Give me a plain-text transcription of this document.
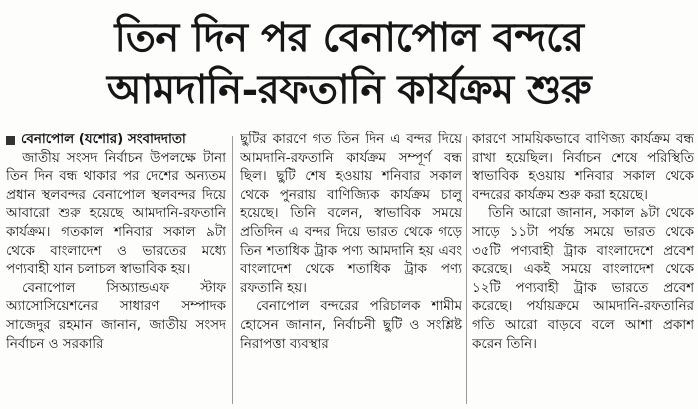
তিন দিন পর বেনাপোল বন্দরে
আমদানি-রফতানি কার্যক্রম শুরু

বেনাপোল (যশোর) সংবাদদাতা

জাতীয় সংসদ নির্বাচন উপলক্ষে টানা তিন দিন বন্ধ থাকার পর দেশের অন্যতম প্রধান স্থলবন্দর বেনাপোল স্থলবন্দর দিয়ে আবারো শুরু হয়েছে আমদানি-রফতানি কার্যক্রম। গতকাল শনিবার সকাল ৯টা থেকে বাংলাদেশ ও ভারতের মধ্যে পণ্যবাহী যান চলাচল স্বাভাবিক হয়।

বেনাপোল সিঅ্যান্ডএফ স্টাফ অ্যাসোসিয়েশনের সাধারণ সম্পাদক সাজেদুর রহমান জানান, জাতীয় সংসদ নির্বাচন ও সরকারি

ছুটির কারণে গত তিন দিন এ বন্দর দিয়ে আমদানি-রফতানি কার্যক্রম সম্পূর্ণ বন্ধ ছিল। ছুটি শেষ হওয়ায় শনিবার সকাল থেকে পুনরায় বাণিজ্যিক কার্যক্রম চালু হয়েছে। তিনি বলেন, স্বাভাবিক সময়ে প্রতিদিন এ বন্দর দিয়ে ভারত থেকে গড়ে তিন শতাধিক ট্রাক পণ্য আমদানি হয় এবং বাংলাদেশ থেকে শতাধিক ট্রাক পণ্য রফতানি হয়।

বেনাপোল বন্দরের পরিচালক শামীম হোসেন জানান, নির্বাচনী ছুটি ও সংশ্লিষ্ট নিরাপত্তা ব্যবস্থার

কারণে সাময়িকভাবে বাণিজ্য কার্যক্রম বন্ধ রাখা হয়েছিল। নির্বাচন শেষে পরিস্থিতি স্বাভাবিক হওয়ায় শনিবার সকাল থেকে বন্দরের কার্যক্রম শুরু করা হয়েছে।

তিনি আরো জানান, সকাল ৯টা থেকে সাড়ে ১১টা পর্যন্ত সময়ে ভারত থেকে ৩৫টি পণ্যবাহী ট্রাক বাংলাদেশে প্রবেশ করেছে। একই সময়ে বাংলাদেশ থেকে ১২টি পণ্যবাহী ট্রাক ভারতে প্রবেশ করেছে। পর্যায়ক্রমে আমদানি-রফতানির গতি আরো বাড়বে বলে আশা প্রকাশ করেন তিনি।
